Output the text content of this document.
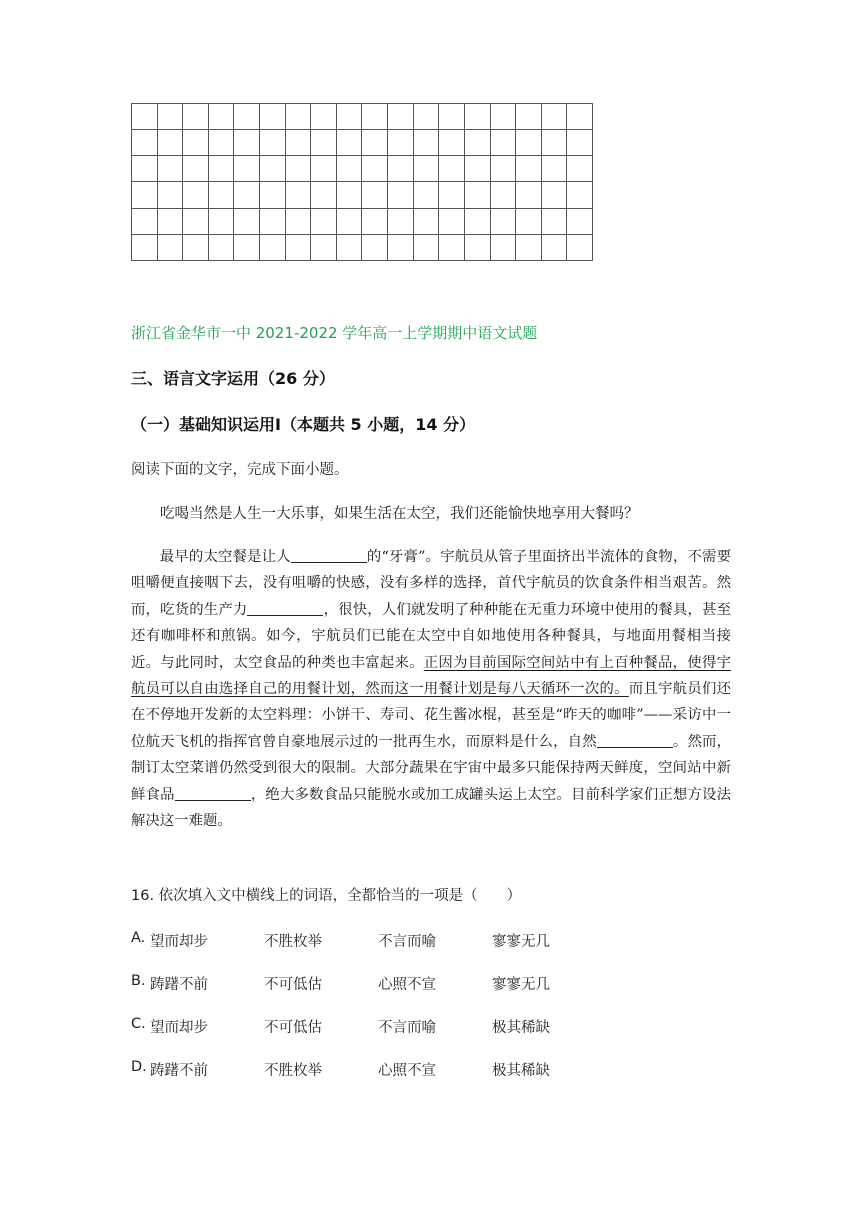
浙江省金华市一中 2021-2022 学年高一上学期期中语文试题
三、语言文字运用（26 分）
（一）基础知识运用Ⅰ（本题共 5 小题，14 分）
阅读下面的文字，完成下面小题。
吃喝当然是人生一大乐事，如果生活在太空，我们还能愉快地享用大餐吗？
最早的太空餐是让人	的“牙膏”。宇航员从管子里面挤出半流体的食物，不需要咀嚼便直接咽下去，没有咀嚼的快感，没有多样的选择，首代宇航员的饮食条件相当艰苦。然而，吃货的生产力	，很快，人们就发明了种种能在无重力环境中使用的餐具，甚至还有咖啡杯和煎锅。如今，宇航员们已能在太空中自如地使用各种餐具，与地面用餐相当接近。与此同时，太空食品的种类也丰富起来。正因为目前国际空间站中有上百种餐品，使得宇航员可以自由选择自己的用餐计划，然而这一用餐计划是每八天循环一次的。而且宇航员们还在不停地开发新的太空料理：小饼干、寿司、花生酱冰棍，甚至是“昨天的咖啡”——采访中一位航天飞机的指挥官曾自豪地展示过的一批再生水，而原料是什么，自然	。然而，制订太空菜谱仍然受到很大的限制。大部分蔬果在宇宙中最多只能保持两天鲜度，空间站中新鲜食品	，绝大多数食品只能脱水或加工成罐头运上太空。目前科学家们正想方设法解决这一难题。
16. 依次填入文中横线上的词语，全都恰当的一项是（　　）
A. 望而却步	不胜枚举	不言而喻	寥寥无几
B. 踌躇不前	不可低估	心照不宣	寥寥无几
C. 望而却步	不可低估	不言而喻	极其稀缺
D. 踌躇不前	不胜枚举	心照不宣	极其稀缺
